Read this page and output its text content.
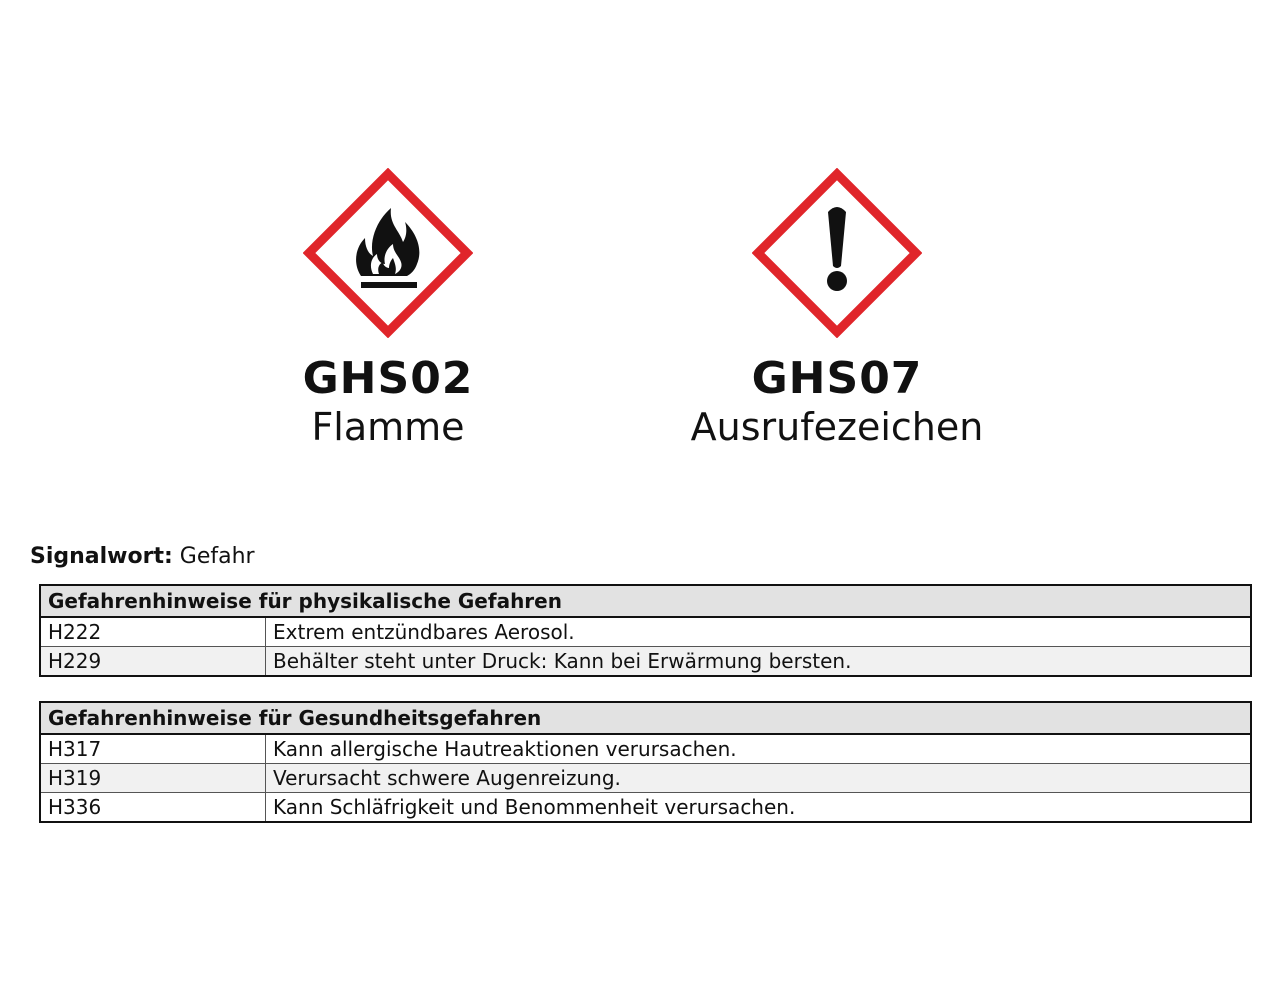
GHS02
Flamme
GHS07
Ausrufezeichen
Signalwort: Gefahr
Gefahrenhinweise für physikalische Gefahren	
H222	Extrem entzündbares Aerosol.
H229	Behälter steht unter Druck: Kann bei Erwärmung bersten.
Gefahrenhinweise für Gesundheitsgefahren	
H317	Kann allergische Hautreaktionen verursachen.
H319	Verursacht schwere Augenreizung.
H336	Kann Schläfrigkeit und Benommenheit verursachen.
